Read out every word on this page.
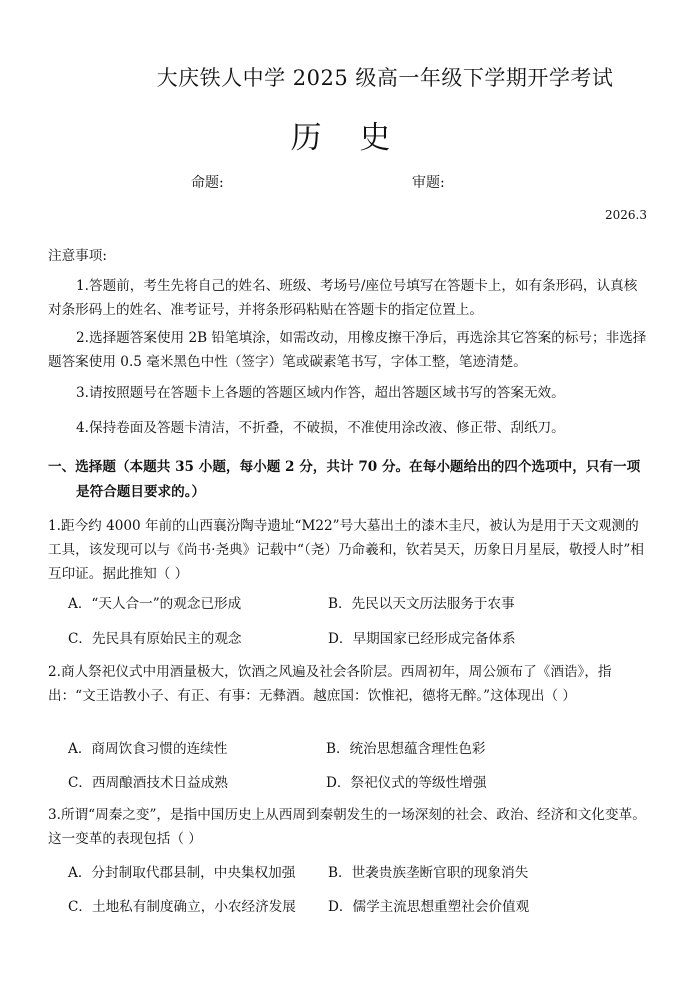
大庆铁人中学 2025 级高一年级下学期开学考试
历 史
命题:	审题:
2026.3
注意事项:
1.答题前，考生先将自己的姓名、班级、考场号/座位号填写在答题卡上，如有条形码，认真核对条形码上的姓名、准考证号，并将条形码粘贴在答题卡的指定位置上。
2.选择题答案使用 2B 铅笔填涂，如需改动，用橡皮擦干净后，再选涂其它答案的标号；非选择题答案使用 0.5 毫米黑色中性（签字）笔或碳素笔书写，字体工整，笔迹清楚。
3.请按照题号在答题卡上各题的答题区域内作答，超出答题区域书写的答案无效。
4.保持卷面及答题卡清洁，不折叠，不破损，不准使用涂改液、修正带、刮纸刀。
一、选择题（本题共 35 小题，每小题 2 分，共计 70 分。在每小题给出的四个选项中，只有一项
是符合题目要求的。）
1.距今约 4000 年前的山西襄汾陶寺遗址“M22”号大墓出土的漆木圭尺，被认为是用于天文观测的工具，该发现可以与《尚书·尧典》记载中“（尧）乃命羲和，钦若昊天，历象日月星辰，敬授人时”相互印证。据此推知（ ）
A．“天人合一”的观念已形成	B．先民以天文历法服务于农事
C．先民具有原始民主的观念	D．早期国家已经形成完备体系
2.商人祭祀仪式中用酒量极大，饮酒之风遍及社会各阶层。西周初年，周公颁布了《酒诰》，指出：“文王诰教小子、有正、有事：无彝酒。越庶国：饮惟祀，德将无醉。”这体现出（ ）
A．商周饮食习惯的连续性	B．统治思想蕴含理性色彩
C．西周酿酒技术日益成熟	D．祭祀仪式的等级性增强
3.所谓“周秦之变”，是指中国历史上从西周到秦朝发生的一场深刻的社会、政治、经济和文化变革。这一变革的表现包括（ ）
A．分封制取代郡县制，中央集权加强 B．世袭贵族垄断官职的现象消失
C．土地私有制度确立，小农经济发展 D．儒学主流思想重塑社会价值观
